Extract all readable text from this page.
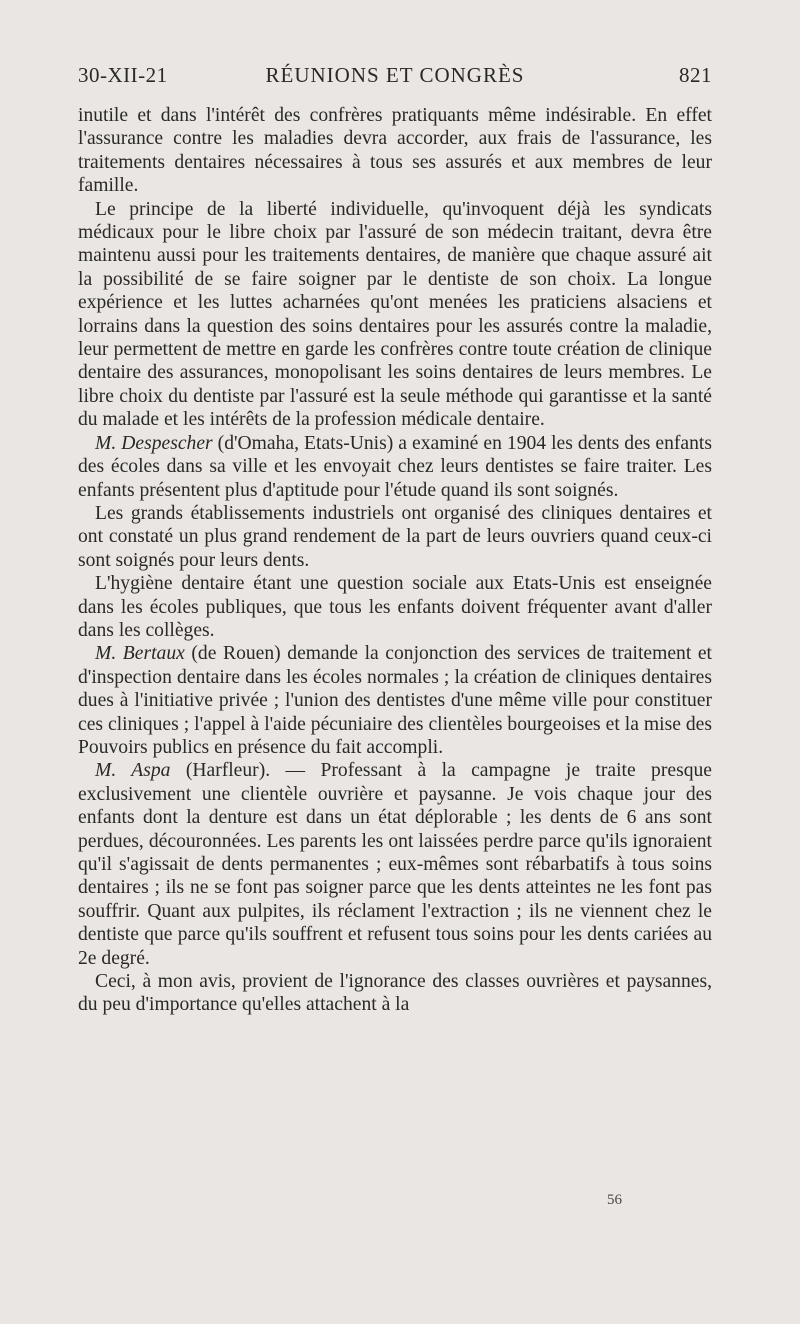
30-XII-21	RÉUNIONS ET CONGRÈS	821

inutile et dans l'intérêt des confrères pratiquants même indésirable. En effet l'assurance contre les maladies devra accorder, aux frais de l'assurance, les traitements dentaires nécessaires à tous ses assurés et aux membres de leur famille.

Le principe de la liberté individuelle, qu'invoquent déjà les syndicats médicaux pour le libre choix par l'assuré de son médecin traitant, devra être maintenu aussi pour les traitements dentaires, de manière que chaque assuré ait la possibilité de se faire soigner par le dentiste de son choix. La longue expérience et les luttes acharnées qu'ont menées les praticiens alsaciens et lorrains dans la question des soins dentaires pour les assurés contre la maladie, leur permettent de mettre en garde les confrères contre toute création de clinique dentaire des assurances, monopolisant les soins dentaires de leurs membres. Le libre choix du dentiste par l'assuré est la seule méthode qui garantisse et la santé du malade et les intérêts de la profession médicale dentaire.

M. Despescher (d'Omaha, Etats-Unis) a examiné en 1904 les dents des enfants des écoles dans sa ville et les envoyait chez leurs dentistes se faire traiter. Les enfants présentent plus d'aptitude pour l'étude quand ils sont soignés.

Les grands établissements industriels ont organisé des cliniques dentaires et ont constaté un plus grand rendement de la part de leurs ouvriers quand ceux-ci sont soignés pour leurs dents.

L'hygiène dentaire étant une question sociale aux Etats-Unis est enseignée dans les écoles publiques, que tous les enfants doivent fréquenter avant d'aller dans les collèges.

M. Bertaux (de Rouen) demande la conjonction des services de traitement et d'inspection dentaire dans les écoles normales ; la création de cliniques dentaires dues à l'initiative privée ; l'union des dentistes d'une même ville pour constituer ces cliniques ; l'appel à l'aide pécuniaire des clientèles bourgeoises et la mise des Pouvoirs publics en présence du fait accompli.

M. Aspa (Harfleur). — Professant à la campagne je traite presque exclusivement une clientèle ouvrière et paysanne. Je vois chaque jour des enfants dont la denture est dans un état déplorable ; les dents de 6 ans sont perdues, découronnées. Les parents les ont laissées perdre parce qu'ils ignoraient qu'il s'agissait de dents permanentes ; eux-mêmes sont rébarbatifs à tous soins dentaires ; ils ne se font pas soigner parce que les dents atteintes ne les font pas souffrir. Quant aux pulpites, ils réclament l'extraction ; ils ne viennent chez le dentiste que parce qu'ils souffrent et refusent tous soins pour les dents cariées au 2e degré.

Ceci, à mon avis, provient de l'ignorance des classes ouvrières et paysannes, du peu d'importance qu'elles attachent à la

56
